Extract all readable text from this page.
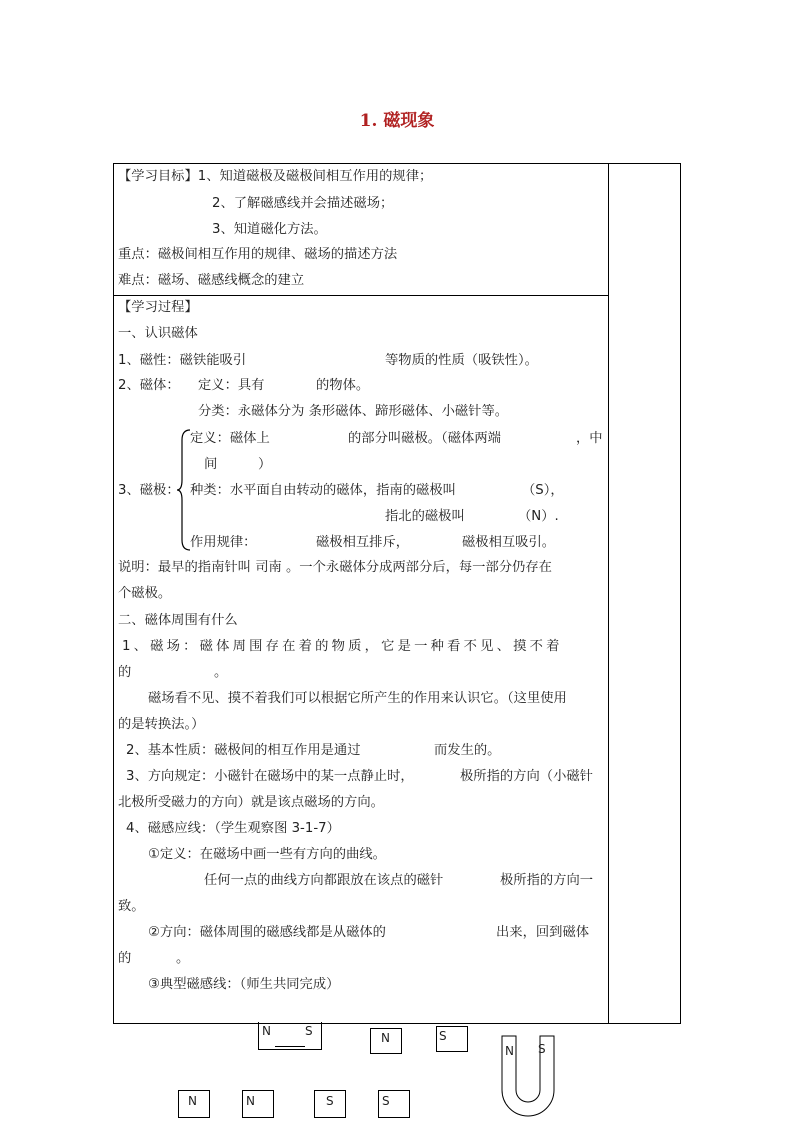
1. 磁现象
【学习目标】1、知道磁极及磁极间相互作用的规律；
2、了解磁感线并会描述磁场；
3、知道磁化方法。
重点：磁极间相互作用的规律、磁场的描述方法
难点：磁场、磁感线概念的建立
【学习过程】
一、认识磁体
1、磁性：磁铁能吸引	等物质的性质（吸铁性）。
2、磁体： 定义：具有	的物体。
分类：永磁体分为 条形磁体、蹄形磁体、小磁针等。
定义：磁体上	的部分叫磁极。（磁体两端	，中
间	）
3、磁极： 种类：水平面自由转动的磁体，指南的磁极叫	（S），
指北的磁极叫	（N）.
作用规律：	磁极相互排斥，	磁极相互吸引。
说明：最早的指南针叫 司南 。一个永磁体分成两部分后，每一部分仍存在
个磁极。
二、磁体周围有什么
1、磁场：磁体周围存在着的物质，它是一种看不见、摸不着
的	。
磁场看不见、摸不着我们可以根据它所产生的作用来认识它。（这里使用
的是转换法。）
2、基本性质：磁极间的相互作用是通过	而发生的。
3、方向规定：小磁针在磁场中的某一点静止时，	极所指的方向（小磁针
北极所受磁力的方向）就是该点磁场的方向。
4、磁感应线：（学生观察图 3-1-7）
①定义：在磁场中画一些有方向的曲线。
任何一点的曲线方向都跟放在该点的磁针	极所指的方向一
致。
②方向：磁体周围的磁感线都是从磁体的	出来，回到磁体
的	。
③典型磁感线：（师生共同完成）
N	S	N	S
N S
N	N	S	S
